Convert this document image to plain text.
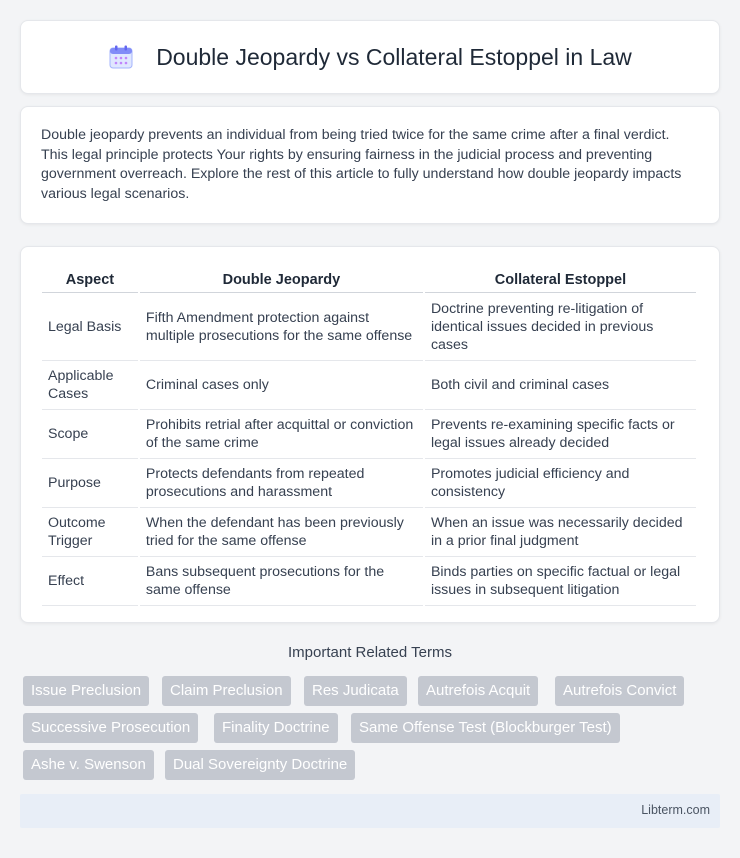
Double Jeopardy vs Collateral Estoppel in Law

Double jeopardy prevents an individual from being tried twice for the same crime after a final verdict. This legal principle protects Your rights by ensuring fairness in the judicial process and preventing government overreach. Explore the rest of this article to fully understand how double jeopardy impacts various legal scenarios.

Aspect	Double Jeopardy	Collateral Estoppel
Legal Basis	Fifth Amendment protection against multiple prosecutions for the same offense	Doctrine preventing re-litigation of identical issues decided in previous cases
Applicable Cases	Criminal cases only	Both civil and criminal cases
Scope	Prohibits retrial after acquittal or conviction of the same crime	Prevents re-examining specific facts or legal issues already decided
Purpose	Protects defendants from repeated prosecutions and harassment	Promotes judicial efficiency and consistency
Outcome Trigger	When the defendant has been previously tried for the same offense	When an issue was necessarily decided in a prior final judgment
Effect	Bans subsequent prosecutions for the same offense	Binds parties on specific factual or legal issues in subsequent litigation
Important Related Terms
Issue Preclusion	Claim Preclusion	Res Judicata	Autrefois Acquit	Autrefois Convict
Successive Prosecution	Finality Doctrine	Same Offense Test (Blockburger Test)
Ashe v. Swenson	Dual Sovereignty Doctrine
Libterm.com
